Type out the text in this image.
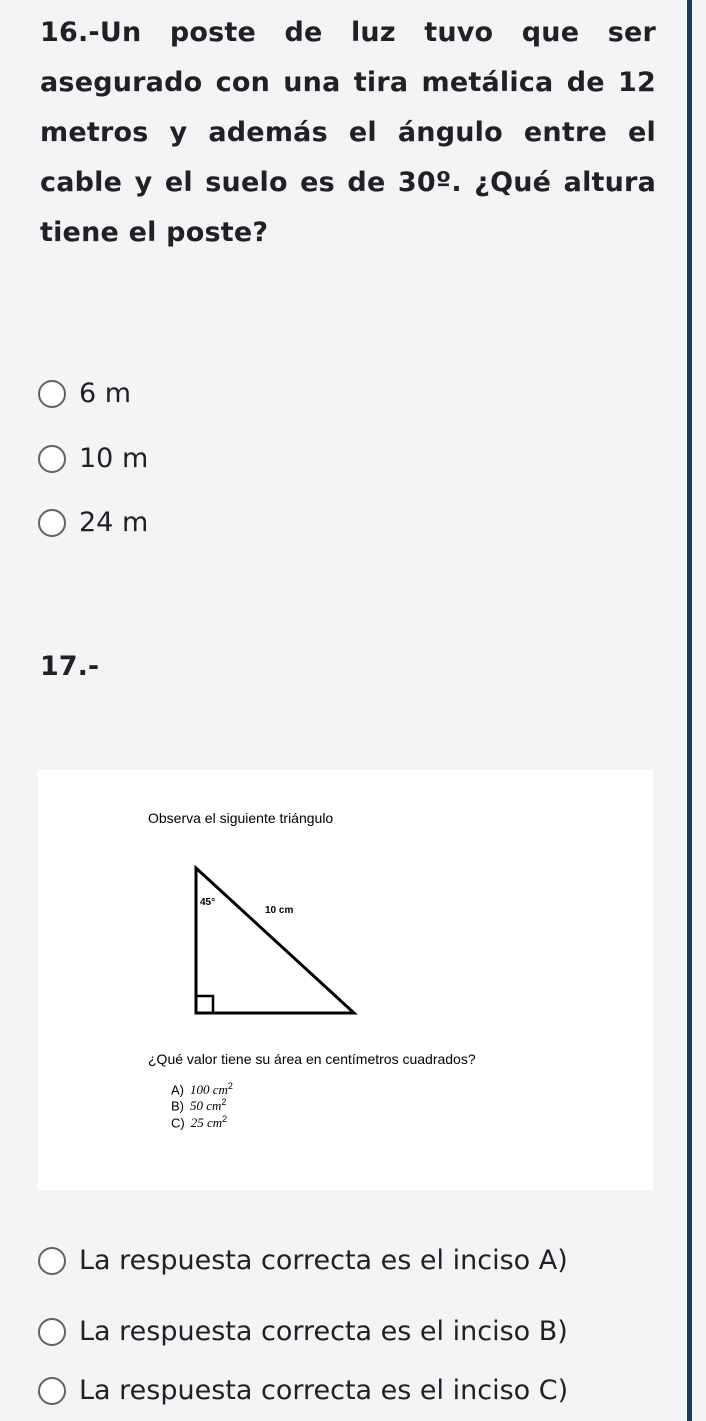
16.-Un poste de luz tuvo que ser asegurado con una tira metálica de 12 metros y además el ángulo entre el cable y el suelo es de 30º. ¿Qué altura tiene el poste?
6 m
10 m
24 m
17.-
Observa el siguiente triángulo
45°
10 cm
¿Qué valor tiene su área en centímetros cuadrados?
A) 100 $cm^2$
B) 50 $cm^2$
C) 25 $cm^2$
La respuesta correcta es el inciso A)
La respuesta correcta es el inciso B)
La respuesta correcta es el inciso C)
